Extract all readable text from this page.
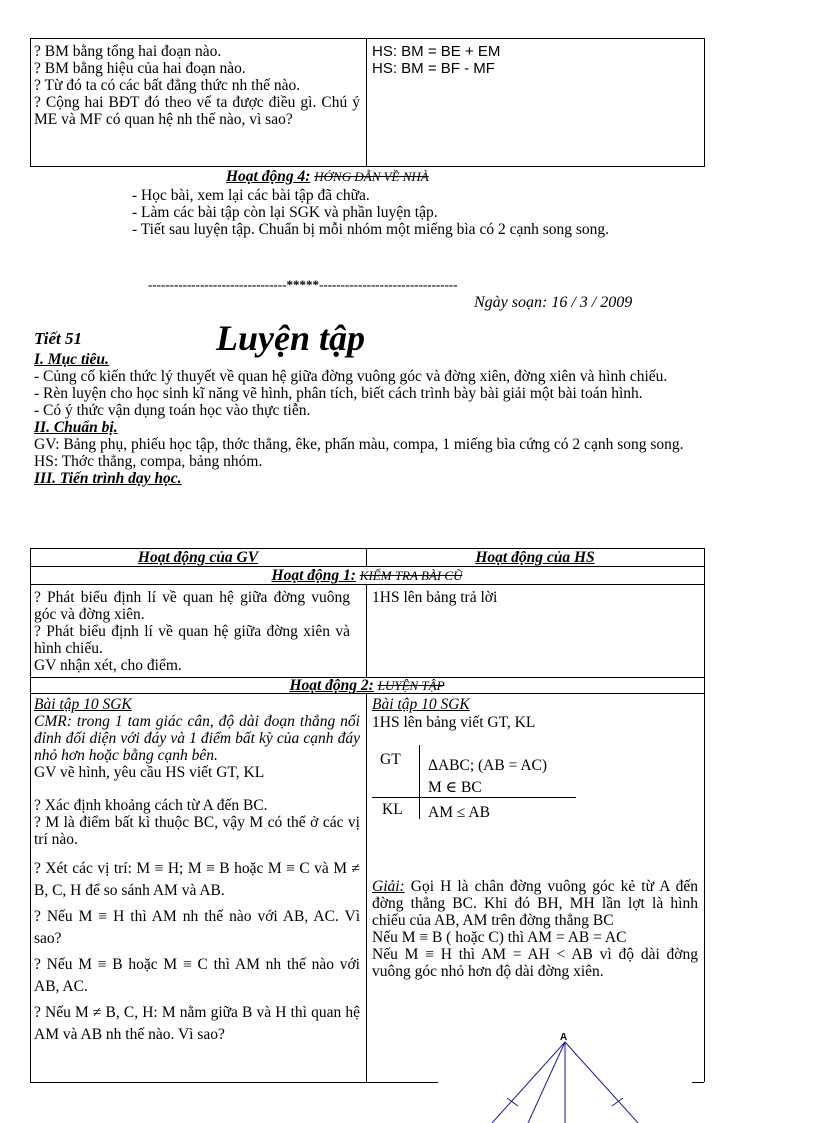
? BM bằng tổng hai đoạn nào.
? BM bằng hiệu của hai đoạn nào.
? Từ đó ta có các bất đẳng thức nh thế nào.
? Cộng hai BĐT đó theo vế ta được điều gì. Chú ý ME và MF có quan hệ nh thế nào, vì sao?
HS: BM = BE + EM
HS: BM = BF - MF
Hoạt động 4: HỚNG DẪN VỀ NHÀ
- Học bài, xem lại các bài tập đã chữa.
- Làm các bài tập còn lại SGK và phần luyện tập.
- Tiết sau luyện tập. Chuẩn bị mỗi nhóm một miếng bìa có 2 cạnh song song.
--------------------------------*****--------------------------------
Ngày soạn: 16 / 3 / 2009
Tiết 51	Luyện tập
I. Mục tiêu.
- Củng cố kiến thức lý thuyết về quan hệ giữa đờng vuông góc và đờng xiên, đờng xiên và hình chiếu.
- Rèn luyện cho học sinh kĩ năng vẽ hình, phân tích, biết cách trình bày bài giải một bài toán hình.
- Có ý thức vận dụng toán học vào thực tiễn.
II. Chuẩn bị.
GV: Bảng phụ, phiếu học tập, thớc thẳng, êke, phấn màu, compa, 1 miếng bìa cứng có 2 cạnh song song.
HS: Thớc thẳng, compa, bảng nhóm.
III. Tiến trình dạy học.
Hoạt động của GV	Hoạt động của HS
Hoạt động 1: KIỂM TRA BÀI CŨ
? Phát biểu định lí về quan hệ giữa đờng vuông góc và đờng xiên.
? Phát biểu định lí về quan hệ giữa đờng xiên và hình chiếu.
GV nhận xét, cho điểm.
1HS lên bảng trả lời
Hoạt động 2: LUYỆN TẬP
Bài tập 10 SGK
CMR: trong 1 tam giác cân, độ dài đoạn thẳng nối đỉnh đối diện với đáy và 1 điểm bất kỳ của cạnh đáy nhỏ hơn hoặc bằng cạnh bên.
GV vẽ hình, yêu cầu HS viết GT, KL
? Xác định khoảng cách từ A đến BC.
? M là điểm bất kì thuộc BC, vậy M có thể ở các vị trí nào.
? Xét các vị trí: M ≡ H; M ≡ B hoặc M ≡ C và M ≠ B, C, H để so sánh AM và AB.
? Nếu M ≡ H thì AM nh thế nào với AB, AC. Vì sao?
? Nếu M ≡ B hoặc M ≡ C thì AM nh thế nào với AB, AC.
? Nếu M ≠ B, C, H: M nằm giữa B và H thì quan hệ AM và AB nh thế nào. Vì sao?
Bài tập 10 SGK
1HS lên bảng viết GT, KL
GT ΔABC; (AB = AC)
M ∈ BC
KL AM ≤ AB
Giải: Gọi H là chân đờng vuông góc kẻ từ A đến đờng thẳng BC. Khi đó BH, MH lần lợt là hình chiếu của AB, AM trên đờng thẳng BC
Nếu M ≡ B ( hoặc C) thì AM = AB = AC
Nếu M ≡ H thì AM = AH < AB vì độ dài đờng vuông góc nhỏ hơn độ dài đờng xiên.
A
